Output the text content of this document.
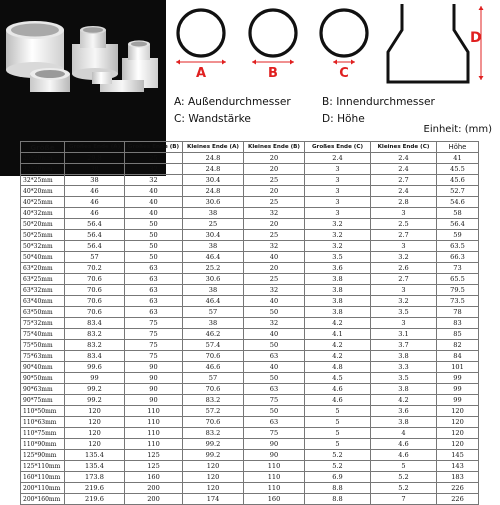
A	B	C
D
A: Außendurchmesser	B: Innendurchmesser
C: Wandstärke	D: Höhe
Einheit: (mm)
Größe	Großes Ende (A)	Großes Ende (B)	Kleines Ende (A)	Kleines Ende (B)	Großes Ende (C)	Kleines Ende (C)	Höhe
25*20mm	29.8	25	24.8	20	2.4	2.4	41
32*20mm	38	32	24.8	20	3	2.4	45.5
32*25mm	38	32	30.4	25	3	2.7	45.6
40*20mm	46	40	24.8	20	3	2.4	52.7
40*25mm	46	40	30.6	25	3	2.8	54.6
40*32mm	46	40	38	32	3	3	58
50*20mm	56.4	50	25	20	3.2	2.5	56.4
50*25mm	56.4	50	30.4	25	3.2	2.7	59
50*32mm	56.4	50	38	32	3.2	3	63.5
50*40mm	57	50	46.4	40	3.5	3.2	66.3
63*20mm	70.2	63	25.2	20	3.6	2.6	73
63*25mm	70.6	63	30.6	25	3.8	2.7	65.5
63*32mm	70.6	63	38	32	3.8	3	79.5
63*40mm	70.6	63	46.4	40	3.8	3.2	73.5
63*50mm	70.6	63	57	50	3.8	3.5	78
75*32mm	83.4	75	38	32	4.2	3	83
75*40mm	83.2	75	46.2	40	4.1	3.1	85
75*50mm	83.2	75	57.4	50	4.2	3.7	82
75*63mm	83.4	75	70.6	63	4.2	3.8	84
90*40mm	99.6	90	46.6	40	4.8	3.3	101
90*50mm	99	90	57	50	4.5	3.5	99
90*63mm	99.2	90	70.6	63	4.6	3.8	99
90*75mm	99.2	90	83.2	75	4.6	4.2	99
110*50mm	120	110	57.2	50	5	3.6	120
110*63mm	120	110	70.6	63	5	3.8	120
110*75mm	120	110	83.2	75	5	4	120
110*90mm	120	110	99.2	90	5	4.6	120
125*90mm	135.4	125	99.2	90	5.2	4.6	145
125*110mm	135.4	125	120	110	5.2	5	143
160*110mm	173.8	160	120	110	6.9	5.2	183
200*110mm	219.6	200	120	110	8.8	5.2	226
200*160mm	219.6	200	174	160	8.8	7	226
